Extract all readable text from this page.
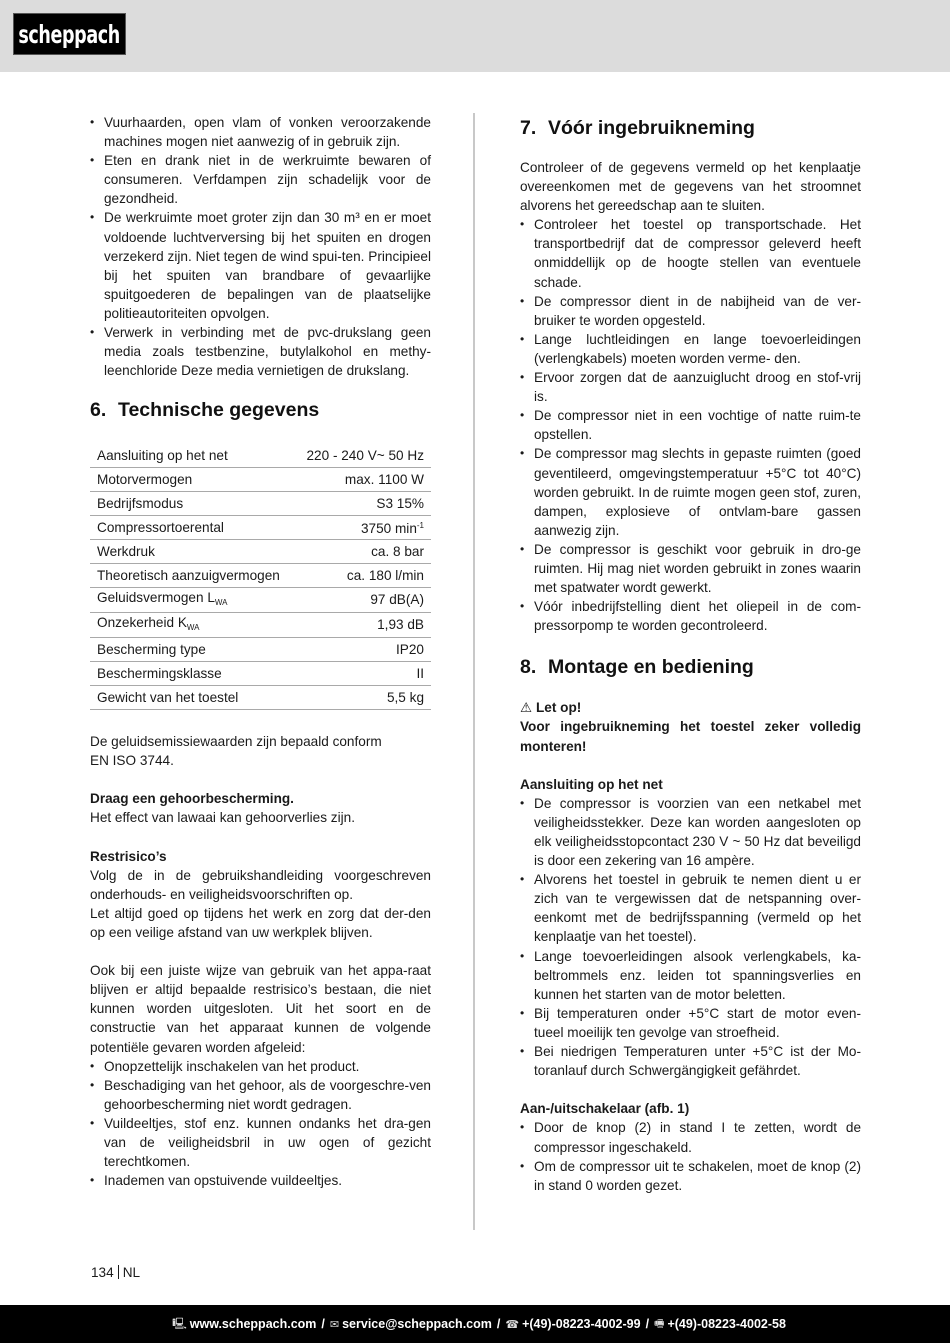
scheppach
• Vuurhaarden, open vlam of vonken veroorzakende machines mogen niet aanwezig of in gebruik zijn.
• Eten en drank niet in de werkruimte bewaren of consumeren. Verfdampen zijn schadelijk voor de gezondheid.
• De werkruimte moet groter zijn dan 30 m³ en er moet voldoende luchtverversing bij het spuiten en drogen verzekerd zijn. Niet tegen de wind spui-ten. Principieel bij het spuiten van brandbare of gevaarlijke spuitgoederen de bepalingen van de plaatselijke politieautoriteiten opvolgen.
• Verwerk in verbinding met de pvc-drukslang geen media zoals testbenzine, butylalkohol en methy-leenchloride Deze media vernietigen de drukslang.
6. Technische gegevens
Aansluiting op het net	220 - 240 V~ 50 Hz
Motorvermogen	max. 1100 W
Bedrijfsmodus	S3 15%
Compressortoerental	3750 $\min^{-1}$
Werkdruk	ca. 8 bar
Theoretisch aanzuigvermogen	ca. 180 l/min
Geluidsvermogen $L_{WA}$	97 dB(A)
Onzekerheid $K_{WA}$	1,93 dB
Bescherming type	IP20
Beschermingsklasse	II
Gewicht van het toestel	5,5 kg
De geluidsemissiewaarden zijn bepaald conform
EN ISO 3744.
Draag een gehoorbescherming.
Het effect van lawaai kan gehoorverlies zijn.
Restrisico’s

Volg de in de gebruikshandleiding voorgeschreven onderhouds- en veiligheidsvoorschriften op.

Let altijd goed op tijdens het werk en zorg dat der-den op een veilige afstand van uw werkplek blijven.

Ook bij een juiste wijze van gebruik van het appa-raat blijven er altijd bepaalde restrisico’s bestaan, die niet kunnen worden uitgesloten. Uit het soort en de constructie van het apparaat kunnen de volgende potentiële gevaren worden afgeleid:

• Onopzettelijk inschakelen van het product.
• Beschadiging van het gehoor, als de voorgeschre-ven gehoorbescherming niet wordt gedragen.
• Vuildeeltjes, stof enz. kunnen ondanks het dra-gen van de veiligheidsbril in uw ogen of gezicht terechtkomen.
• Inademen van opstuivende vuildeeltjes.
7. Vóór ingebruikneming

Controleer of de gegevens vermeld op het kenplaatje overeenkomen met de gegevens van het stroomnet alvorens het gereedschap aan te sluiten.

• Controleer het toestel op transportschade. Het transportbedrijf dat de compressor geleverd heeft onmiddellijk op de hoogte stellen van eventuele schade.
• De compressor dient in de nabijheid van de ver-bruiker te worden opgesteld.
• Lange luchtleidingen en lange toevoerleidingen (verlengkabels) moeten worden verme- den.
• Ervoor zorgen dat de aanzuiglucht droog en stof-vrij is.
• De compressor niet in een vochtige of natte ruim-te opstellen.
• De compressor mag slechts in gepaste ruimten (goed geventileerd, omgevingstemperatuur +5°C tot 40°C) worden gebruikt. In de ruimte mogen geen stof, zuren, dampen, explosieve of ontvlam-bare gassen aanwezig zijn.
• De compressor is geschikt voor gebruik in dro-ge ruimten. Hij mag niet worden gebruikt in zones waarin met spatwater wordt gewerkt.
• Vóór inbedrijfstelling dient het oliepeil in de com-pressorpomp te worden gecontroleerd.
8. Montage en bediening
⚠ Let op!

Voor ingebruikneming het toestel zeker volledig monteren!

Aansluiting op het net
• De compressor is voorzien van een netkabel met veiligheidsstekker. Deze kan worden aangesloten op elk veiligheidsstopcontact 230 V ~ 50 Hz dat beveiligd is door een zekering van 16 ampère.
• Alvorens het toestel in gebruik te nemen dient u er zich van te vergewissen dat de netspanning over-eenkomt met de bedrijfsspanning (vermeld op het kenplaatje van het toestel).
• Lange toevoerleidingen alsook verlengkabels, ka-beltrommels enz. leiden tot spanningsverlies en kunnen het starten van de motor beletten.
• Bij temperaturen onder +5°C start de motor even-tueel moeilijk ten gevolge van stroefheid.
• Bei niedrigen Temperaturen unter +5°C ist der Mo-toranlauf durch Schwergängigkeit gefährdet.
Aan-/uitschakelaar (afb. 1)
• Door de knop (2) in stand I te zetten, wordt de compressor ingeschakeld.
• Om de compressor uit te schakelen, moet de knop (2) in stand 0 worden gezet.
134 NL
🖳 www.scheppach.com / ✉ service@scheppach.com / ☎ +(49)-08223-4002-99 / 🖷 +(49)-08223-4002-58
